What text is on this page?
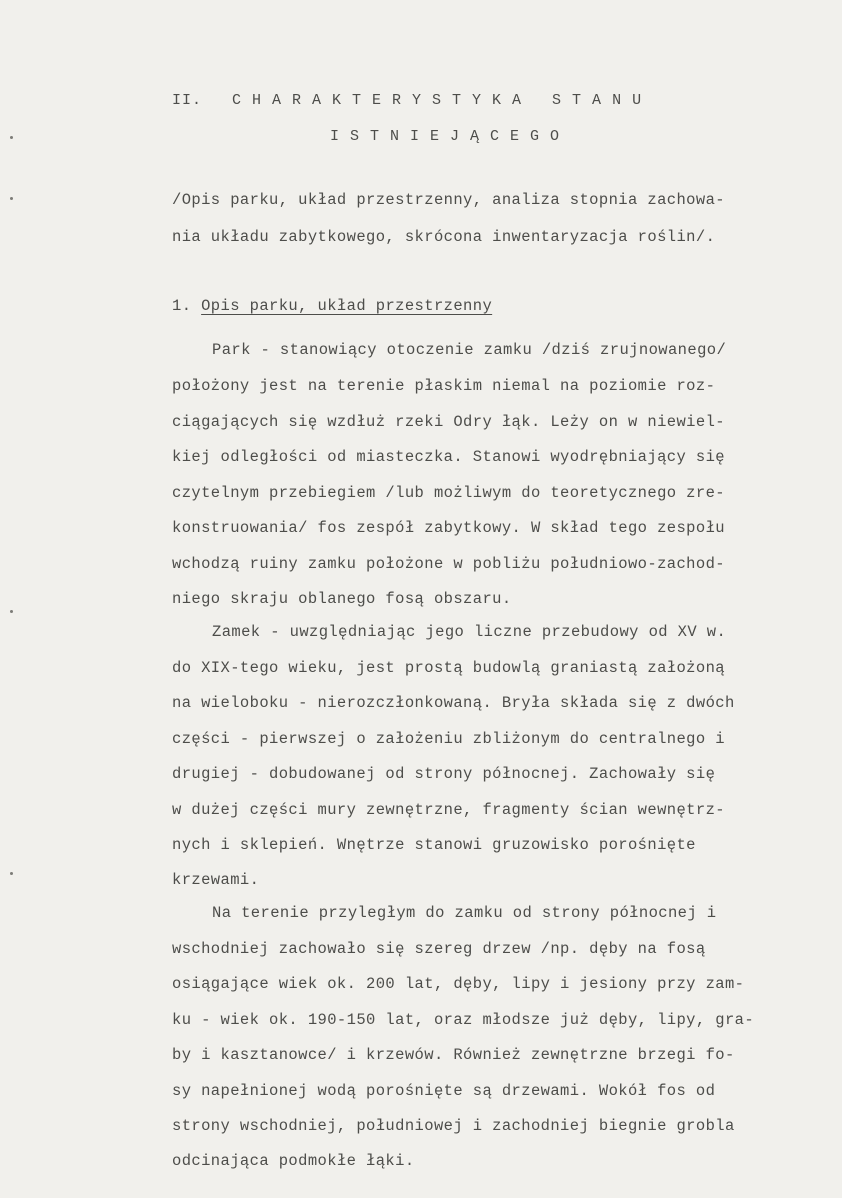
II.   C H A R A K T E R Y S T Y K A   S T A N U
I S T N I E J Ą C E G O
/Opis parku, układ przestrzenny, analiza stopnia zachowa-
nia układu zabytkowego, skrócona inwentaryzacja roślin/.
1. Opis parku, układ przestrzenny
Park - stanowiący otoczenie zamku /dziś zrujnowanego/
położony jest na terenie płaskim niemal na poziomie roz-
ciągających się wzdłuż rzeki Odry łąk. Leży on w niewiel-
kiej odległości od miasteczka. Stanowi wyodrębniający się
czytelnym przebiegiem /lub możliwym do teoretycznego zre-
konstruowania/ fos zespół zabytkowy. W skład tego zespołu
wchodzą ruiny zamku położone w pobliżu południowo-zachod-
niego skraju oblanego fosą obszaru.
Zamek - uwzględniając jego liczne przebudowy od XV w.
do XIX-tego wieku, jest prostą budowlą graniastą założoną
na wieloboku - nierozczłonkowaną. Bryła składa się z dwóch
części - pierwszej o założeniu zbliżonym do centralnego i
drugiej - dobudowanej od strony północnej. Zachowały się
w dużej części mury zewnętrzne, fragmenty ścian wewnętrz-
nych i sklepień. Wnętrze stanowi gruzowisko porośnięte
krzewami.
Na terenie przyległym do zamku od strony północnej i
wschodniej zachowało się szereg drzew /np. dęby na fosą
osiągające wiek ok. 200 lat, dęby, lipy i jesiony przy zam-
ku - wiek ok. 190-150 lat, oraz młodsze już dęby, lipy, gra-
by i kasztanowce/ i krzewów. Również zewnętrzne brzegi fo-
sy napełnionej wodą porośnięte są drzewami. Wokół fos od
strony wschodniej, południowej i zachodniej biegnie grobla
odcinająca podmokłe łąki.
